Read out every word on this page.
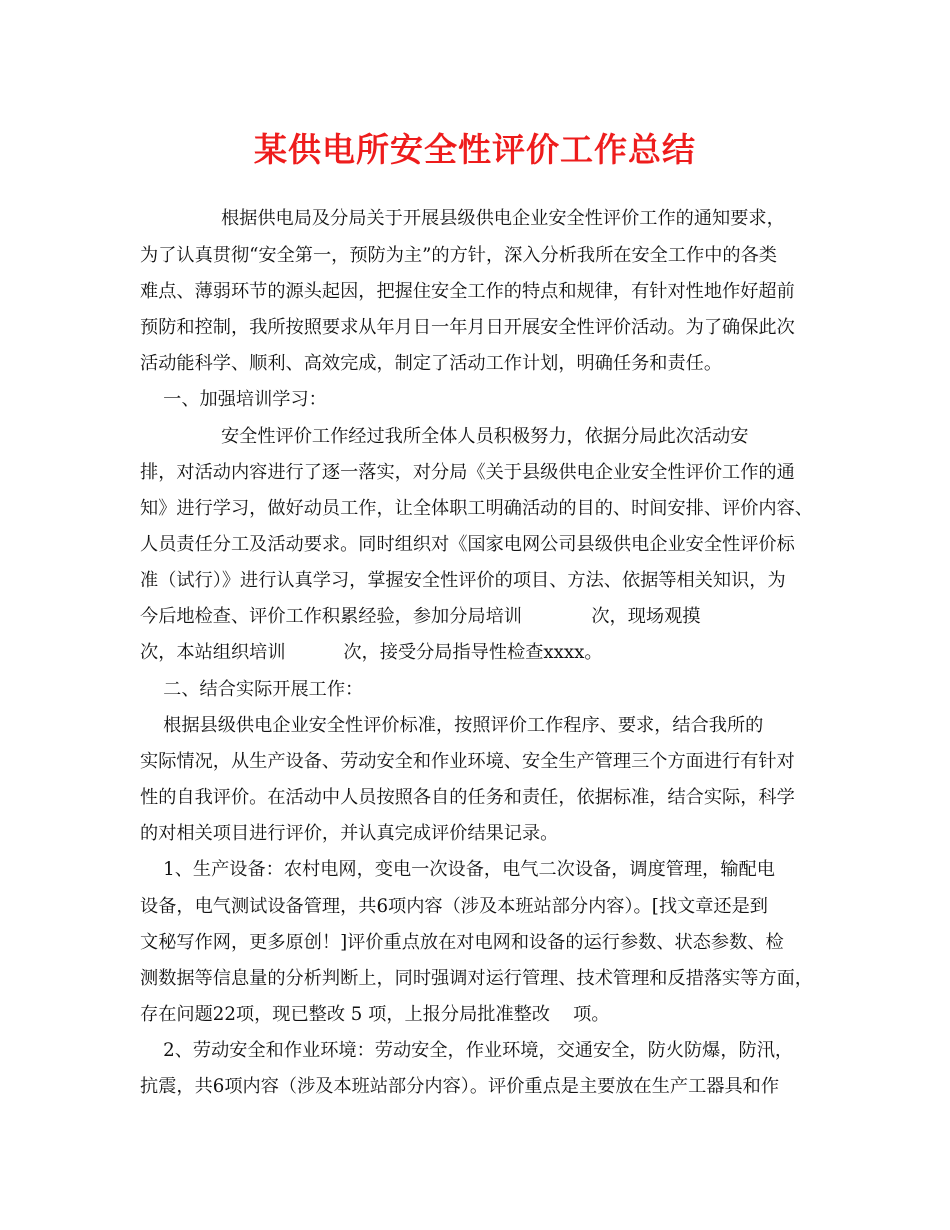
某供电所安全性评价工作总结
根据供电局及分局关于开展县级供电企业安全性评价工作的通知要求，
为了认真贯彻“安全第一，预防为主”的方针，深入分析我所在安全工作中的各类
难点、薄弱环节的源头起因，把握住安全工作的特点和规律，有针对性地作好超前
预防和控制，我所按照要求从年月日一年月日开展安全性评价活动。为了确保此次
活动能科学、顺利、高效完成，制定了活动工作计划，明确任务和责任。
一、加强培训学习：
安全性评价工作经过我所全体人员积极努力，依据分局此次活动安
排，对活动内容进行了逐一落实，对分局《关于县级供电企业安全性评价工作的通
知》进行学习，做好动员工作，让全体职工明确活动的目的、时间安排、评价内容、
人员责任分工及活动要求。同时组织对《国家电网公司县级供电企业安全性评价标
准（试行）》进行认真学习，掌握安全性评价的项目、方法、依据等相关知识，为
今后地检查、评价工作积累经验，参加分局培训            次，现场观摸
次，本站组织培训          次，接受分局指导性检查xxxx。
二、结合实际开展工作：
根据县级供电企业安全性评价标准，按照评价工作程序、要求，结合我所的
实际情况，从生产设备、劳动安全和作业环境、安全生产管理三个方面进行有针对
性的自我评价。在活动中人员按照各自的任务和责任，依据标准，结合实际，科学
的对相关项目进行评价，并认真完成评价结果记录。
1、生产设备：农村电网，变电一次设备，电气二次设备，调度管理，输配电
设备，电气测试设备管理，共6项内容（涉及本班站部分内容）。[找文章还是到
文秘写作网，更多原创！]评价重点放在对电网和设备的运行参数、状态参数、检
测数据等信息量的分析判断上，同时强调对运行管理、技术管理和反措落实等方面，
存在问题22项，现已整改 5 项，上报分局批准整改    项。
2、劳动安全和作业环境：劳动安全，作业环境，交通安全，防火防爆，防汛，
抗震，共6项内容（涉及本班站部分内容）。评价重点是主要放在生产工器具和作
